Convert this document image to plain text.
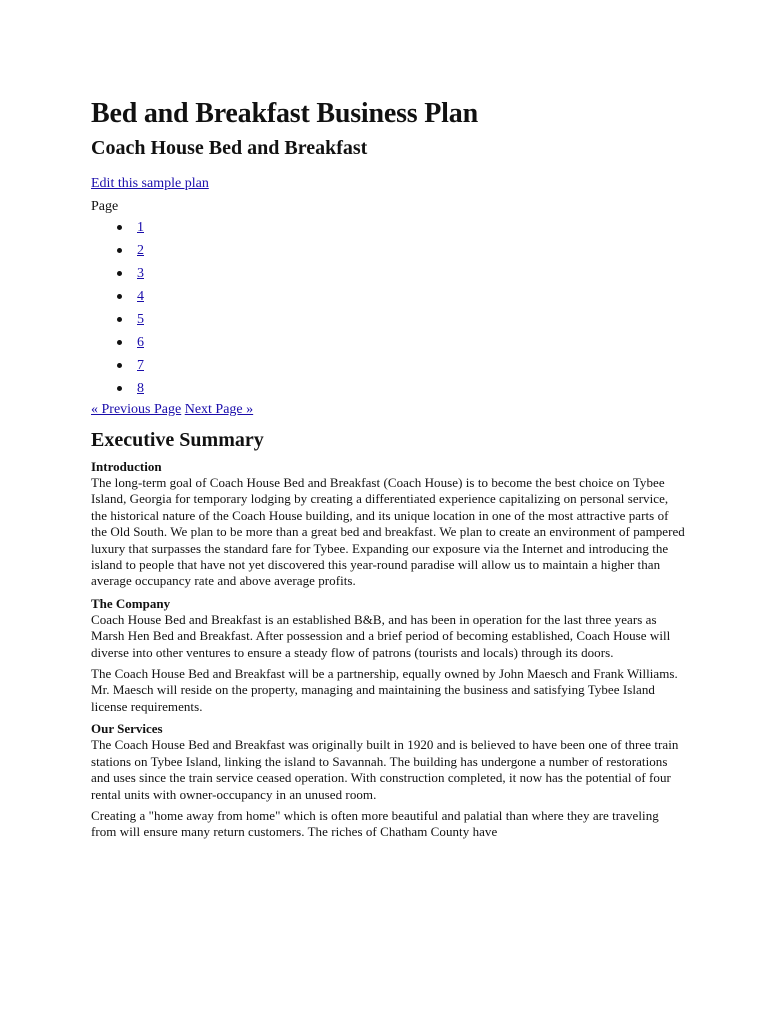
Bed and Breakfast Business Plan
Coach House Bed and Breakfast
Edit this sample plan
Page
1
2
3
4
5
6
7
8
« Previous Page Next Page »
Executive Summary
Introduction

The long-term goal of Coach House Bed and Breakfast (Coach House) is to become the best choice on Tybee Island, Georgia for temporary lodging by creating a differentiated experience capitalizing on personal service, the historical nature of the Coach House building, and its unique location in one of the most attractive parts of the Old South. We plan to be more than a great bed and breakfast. We plan to create an environment of pampered luxury that surpasses the standard fare for Tybee. Expanding our exposure via the Internet and introducing the island to people that have not yet discovered this year-round paradise will allow us to maintain a higher than average occupancy rate and above average profits.

The Company

Coach House Bed and Breakfast is an established B&B, and has been in operation for the last three years as Marsh Hen Bed and Breakfast. After possession and a brief period of becoming established, Coach House will diverse into other ventures to ensure a steady flow of patrons (tourists and locals) through its doors.

The Coach House Bed and Breakfast will be a partnership, equally owned by John Maesch and Frank Williams. Mr. Maesch will reside on the property, managing and maintaining the business and satisfying Tybee Island license requirements.

Our Services

The Coach House Bed and Breakfast was originally built in 1920 and is believed to have been one of three train stations on Tybee Island, linking the island to Savannah. The building has undergone a number of restorations and uses since the train service ceased operation. With construction completed, it now has the potential of four rental units with owner-occupancy in an unused room.

Creating a "home away from home" which is often more beautiful and palatial than where they are traveling from will ensure many return customers. The riches of Chatham County have
